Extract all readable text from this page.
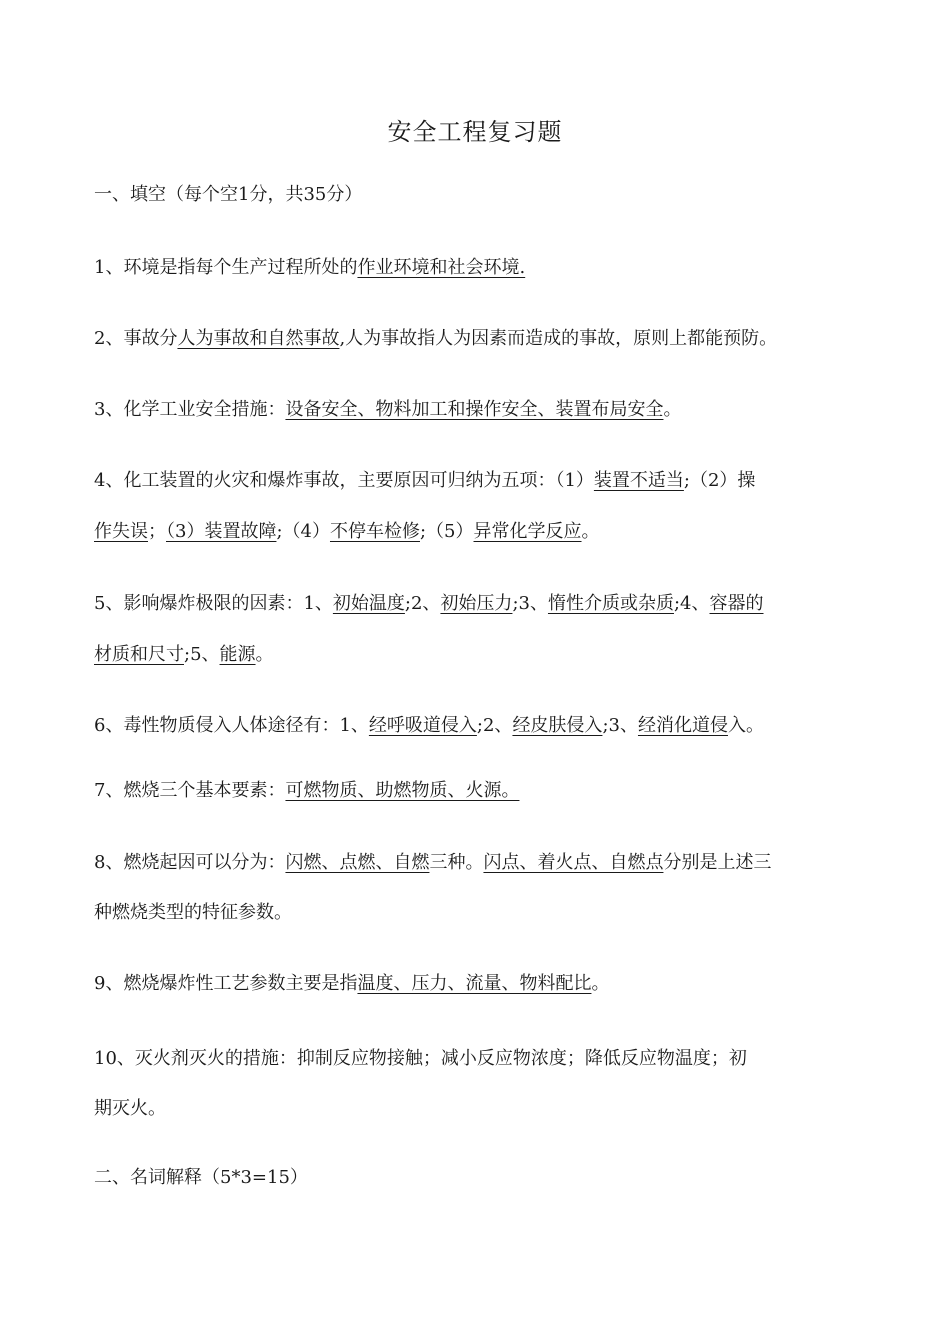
安全工程复习题
一、填空（每个空1分，共35分）
1、环境是指每个生产过程所处的作业环境和社会环境.
2、事故分人为事故和自然事故,人为事故指人为因素而造成的事故，原则上都能预防。
3、化学工业安全措施：设备安全、物料加工和操作安全、装置布局安全。
4、化工装置的火灾和爆炸事故，主要原因可归纳为五项：（1）装置不适当;（2）操
作失误；（3）装置故障;（4）不停车检修;（5）异常化学反应。
5、影响爆炸极限的因素：1、初始温度;2、初始压力;3、惰性介质或杂质;4、容器的
材质和尺寸;5、能源。
6、毒性物质侵入人体途径有：1、经呼吸道侵入;2、经皮肤侵入;3、经消化道侵入。
7、燃烧三个基本要素：可燃物质、助燃物质、火源。
8、燃烧起因可以分为：闪燃、点燃、自燃三种。闪点、着火点、自燃点分别是上述三
种燃烧类型的特征参数。
9、燃烧爆炸性工艺参数主要是指温度、压力、流量、物料配比。
10、灭火剂灭火的措施：抑制反应物接触；减小反应物浓度；降低反应物温度；初
期灭火。
二、名词解释（5*3=15）
